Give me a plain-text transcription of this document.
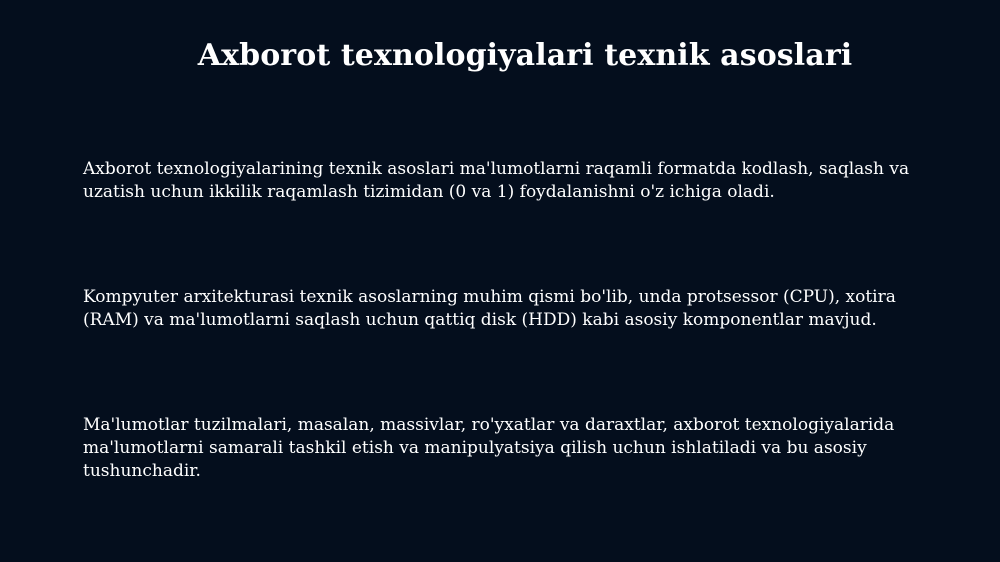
Axborot texnologiyalari texnik asoslari
Axborot texnologiyalarining texnik asoslari ma'lumotlarni raqamli formatda kodlash, saqlash va uzatish uchun ikkilik raqamlash tizimidan (0 va 1) foydalanishni o'z ichiga oladi.
Kompyuter arxitekturasi texnik asoslarning muhim qismi bo'lib, unda protsessor (CPU), xotira (RAM) va ma'lumotlarni saqlash uchun qattiq disk (HDD) kabi asosiy komponentlar mavjud.
Ma'lumotlar tuzilmalari, masalan, massivlar, ro'yxatlar va daraxtlar, axborot texnologiyalarida ma'lumotlarni samarali tashkil etish va manipulyatsiya qilish uchun ishlatiladi va bu asosiy tushunchadir.
